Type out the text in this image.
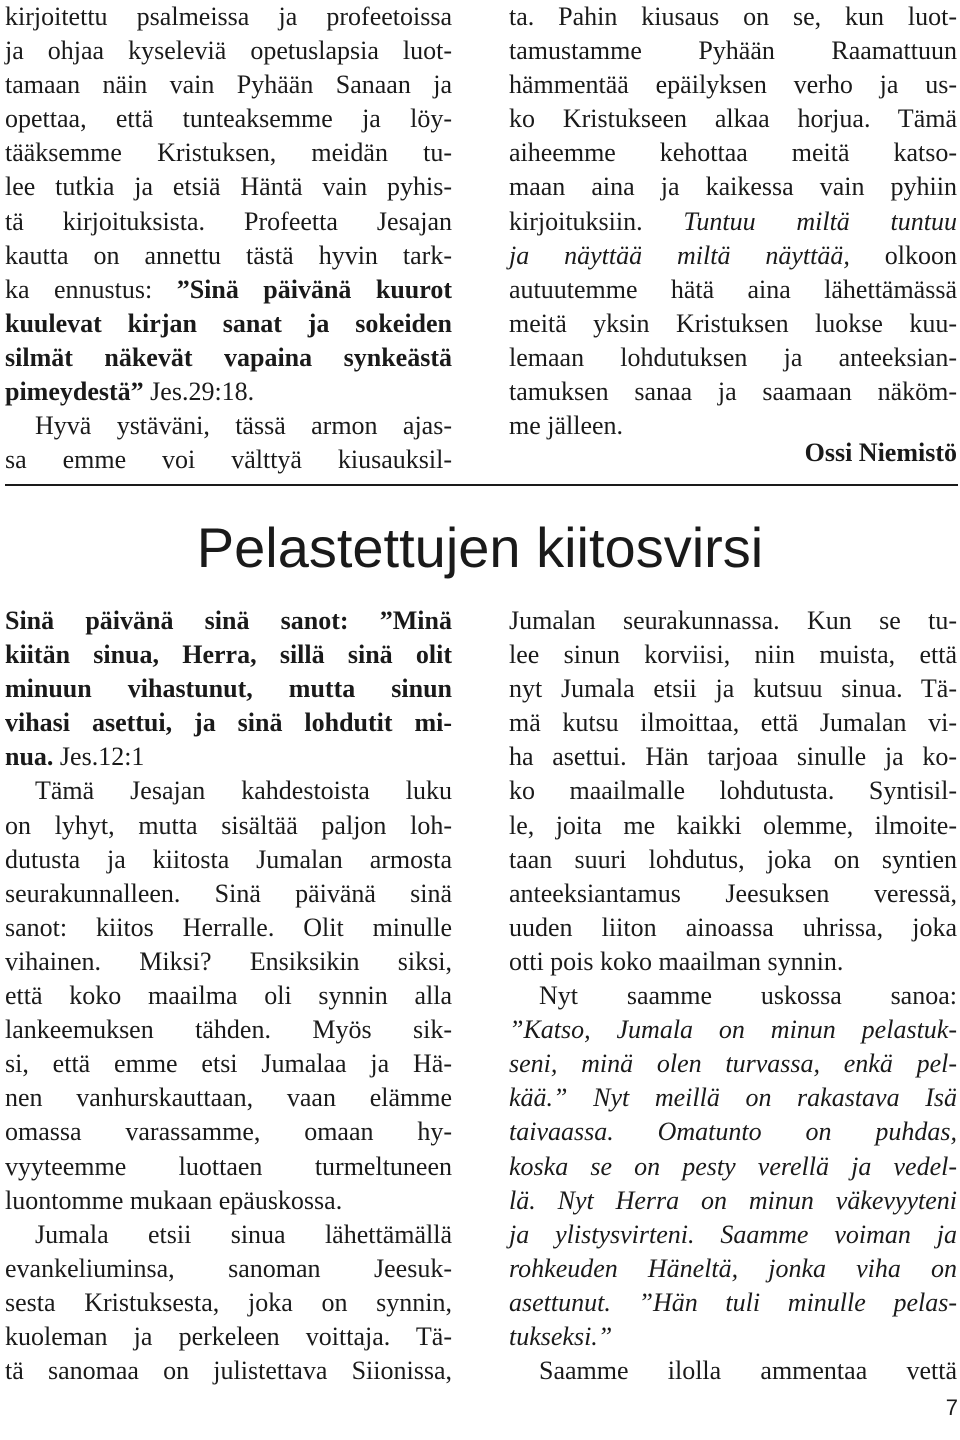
kirjoitettu psalmeissa ja profeetoissa
ja ohjaa kyseleviä opetuslapsia luot-
tamaan näin vain Pyhään Sanaan ja
opettaa, että tunteaksemme ja löy-
tääksemme Kristuksen, meidän tu-
lee tutkia ja etsiä Häntä vain pyhis-
tä kirjoituksista. Profeetta Jesajan
kautta on annettu tästä hyvin tark-
ka ennustus: ”Sinä päivänä kuurot
kuulevat kirjan sanat ja sokeiden
silmät näkevät vapaina synkeästä
pimeydestä” Jes.29:18.

Hyvä ystäväni, tässä armon ajas-
sa emme voi välttyä kiusauksil-

ta. Pahin kiusaus on se, kun luot-
tamustamme Pyhään Raamattuun
hämmentää epäilyksen verho ja us-
ko Kristukseen alkaa horjua. Tämä
aiheemme kehottaa meitä katso-
maan aina ja kaikessa vain pyhiin
kirjoituksiin. Tuntuu miltä tuntuu
ja näyttää miltä näyttää, olkoon
autuutemme hätä aina lähettämässä
meitä yksin Kristuksen luokse kuu-
lemaan lohdutuksen ja anteeksian-
tamuksen sanaa ja saamaan näköm-
me jälleen.

Ossi Niemistö
Pelastettujen kiitosvirsi

Sinä päivänä sinä sanot: ”Minä
kiitän sinua, Herra, sillä sinä olit
minuun vihastunut, mutta sinun
vihasi asettui, ja sinä lohdutit mi-
nua. Jes.12:1

Tämä Jesajan kahdestoista luku
on lyhyt, mutta sisältää paljon loh-
dutusta ja kiitosta Jumalan armosta
seurakunnalleen. Sinä päivänä sinä
sanot: kiitos Herralle. Olit minulle
vihainen. Miksi? Ensiksikin siksi,
että koko maailma oli synnin alla
lankeemuksen tähden. Myös sik-
si, että emme etsi Jumalaa ja Hä-
nen vanhurskauttaan, vaan elämme
omassa varassamme, omaan hy-
vyyteemme luottaen turmeltuneen
luontomme mukaan epäuskossa.

Jumala etsii sinua lähettämällä
evankeliuminsa, sanoman Jeesuk-
sesta Kristuksesta, joka on synnin,
kuoleman ja perkeleen voittaja. Tä-
tä sanomaa on julistettava Siionissa,

Jumalan seurakunnassa. Kun se tu-
lee sinun korviisi, niin muista, että
nyt Jumala etsii ja kutsuu sinua. Tä-
mä kutsu ilmoittaa, että Jumalan vi-
ha asettui. Hän tarjoaa sinulle ja ko-
ko maailmalle lohdutusta. Syntisil-
le, joita me kaikki olemme, ilmoite-
taan suuri lohdutus, joka on syntien
anteeksiantamus Jeesuksen veressä,
uuden liiton ainoassa uhrissa, joka
otti pois koko maailman synnin.

Nyt saamme uskossa sanoa:
”Katso, Jumala on minun pelastuk-
seni, minä olen turvassa, enkä pel-
kää.” Nyt meillä on rakastava Isä
taivaassa. Omatunto on puhdas,
koska se on pesty verellä ja vedel-
lä. Nyt Herra on minun väkevyyteni
ja ylistysvirteni. Saamme voiman ja
rohkeuden Häneltä, jonka viha on
asettunut. ”Hän tuli minulle pelas-
tukseksi.”

Saamme ilolla ammentaa vettä

7
